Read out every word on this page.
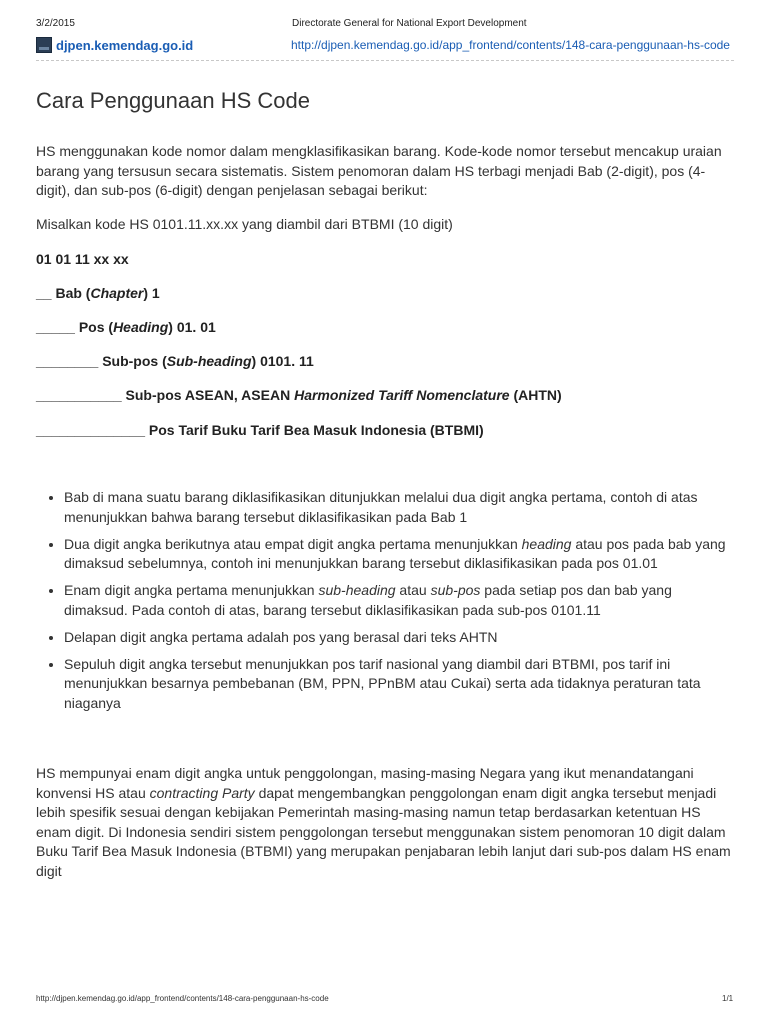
3/2/2015	Directorate General for National Export Development
djpen.kemendag.go.id	http://djpen.kemendag.go.id/app_frontend/contents/148-cara-penggunaan-hs-code
Cara Penggunaan HS Code

HS menggunakan kode nomor dalam mengklasifikasikan barang. Kode-kode nomor tersebut mencakup uraian barang yang tersusun secara sistematis. Sistem penomoran dalam HS terbagi menjadi Bab (2-digit), pos (4-digit), dan sub-pos (6-digit) dengan penjelasan sebagai berikut:

Misalkan kode HS 0101.11.xx.xx yang diambil dari BTBMI (10 digit)

01 01 11 xx xx

__ Bab (Chapter) 1

_____ Pos (Heading) 01. 01

________ Sub-pos (Sub-heading) 0101. 11

___________ Sub-pos ASEAN, ASEAN Harmonized Tariff Nomenclature (AHTN)

______________ Pos Tarif Buku Tarif Bea Masuk Indonesia (BTBMI)

• Bab di mana suatu barang diklasifikasikan ditunjukkan melalui dua digit angka pertama, contoh di atas menunjukkan bahwa barang tersebut diklasifikasikan pada Bab 1
• Dua digit angka berikutnya atau empat digit angka pertama menunjukkan heading atau pos pada bab yang dimaksud sebelumnya, contoh ini menunjukkan barang tersebut diklasifikasikan pada pos 01.01
• Enam digit angka pertama menunjukkan sub-heading atau sub-pos pada setiap pos dan bab yang dimaksud. Pada contoh di atas, barang tersebut diklasifikasikan pada sub-pos 0101.11
• Delapan digit angka pertama adalah pos yang berasal dari teks AHTN
• Sepuluh digit angka tersebut menunjukkan pos tarif nasional yang diambil dari BTBMI, pos tarif ini menunjukkan besarnya pembebanan (BM, PPN, PPnBM atau Cukai) serta ada tidaknya peraturan tata niaganya

HS mempunyai enam digit angka untuk penggolongan, masing-masing Negara yang ikut menandatangani konvensi HS atau contracting Party dapat mengembangkan penggolongan enam digit angka tersebut menjadi lebih spesifik sesuai dengan kebijakan Pemerintah masing-masing namun tetap berdasarkan ketentuan HS enam digit. Di Indonesia sendiri sistem penggolongan tersebut menggunakan sistem penomoran 10 digit dalam Buku Tarif Bea Masuk Indonesia (BTBMI) yang merupakan penjabaran lebih lanjut dari sub-pos dalam HS enam digit

http://djpen.kemendag.go.id/app_frontend/contents/148-cara-penggunaan-hs-code	1/1
